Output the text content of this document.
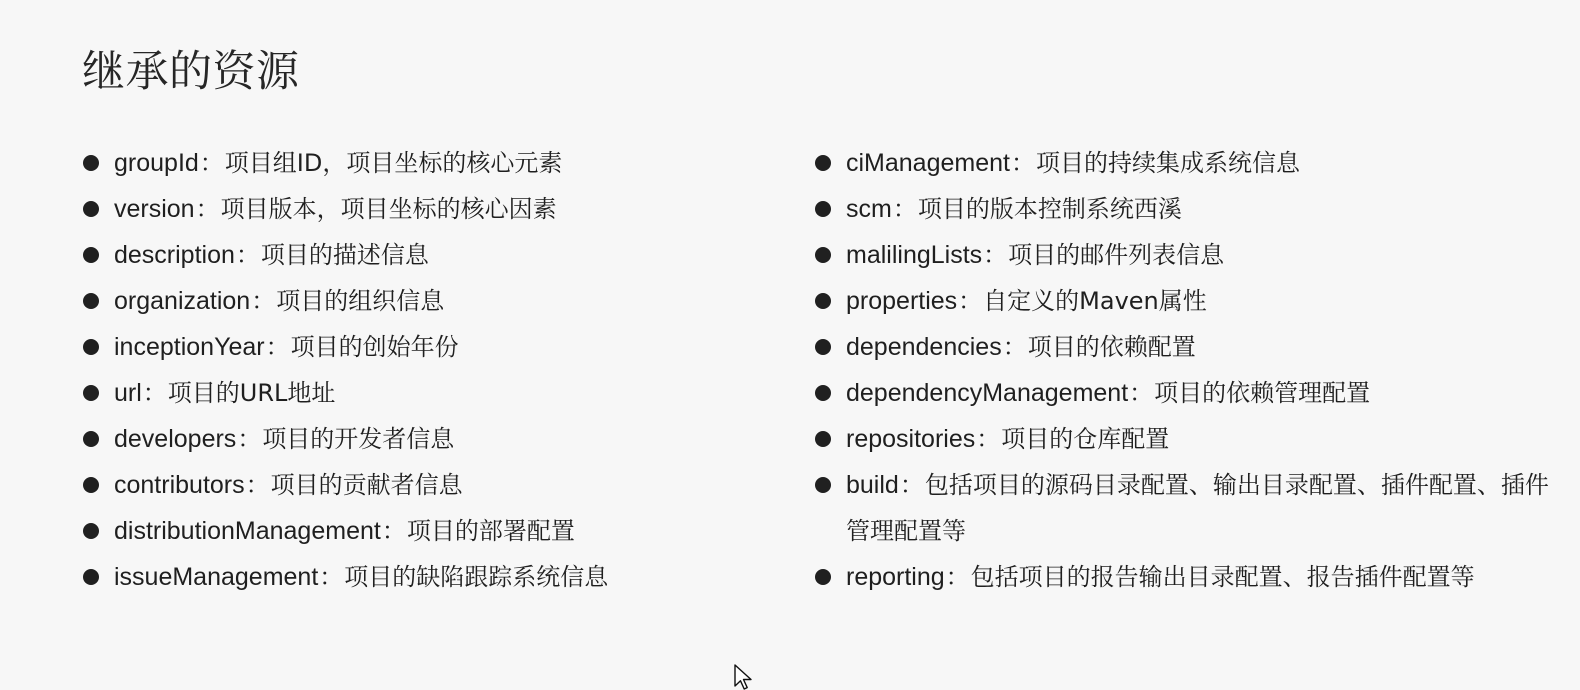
继承的资源
groupId：项目组ID，项目坐标的核心元素
version：项目版本，项目坐标的核心因素
description：项目的描述信息
organization：项目的组织信息
inceptionYear：项目的创始年份
url：项目的URL地址
developers：项目的开发者信息
contributors：项目的贡献者信息
distributionManagement：项目的部署配置
issueManagement：项目的缺陷跟踪系统信息
ciManagement：项目的持续集成系统信息
scm：项目的版本控制系统西溪
malilingLists：项目的邮件列表信息
properties：自定义的Maven属性
dependencies：项目的依赖配置
dependencyManagement：项目的依赖管理配置
repositories：项目的仓库配置
build：包括项目的源码目录配置、输出目录配置、插件配置、插件管理配置等
reporting：包括项目的报告输出目录配置、报告插件配置等
